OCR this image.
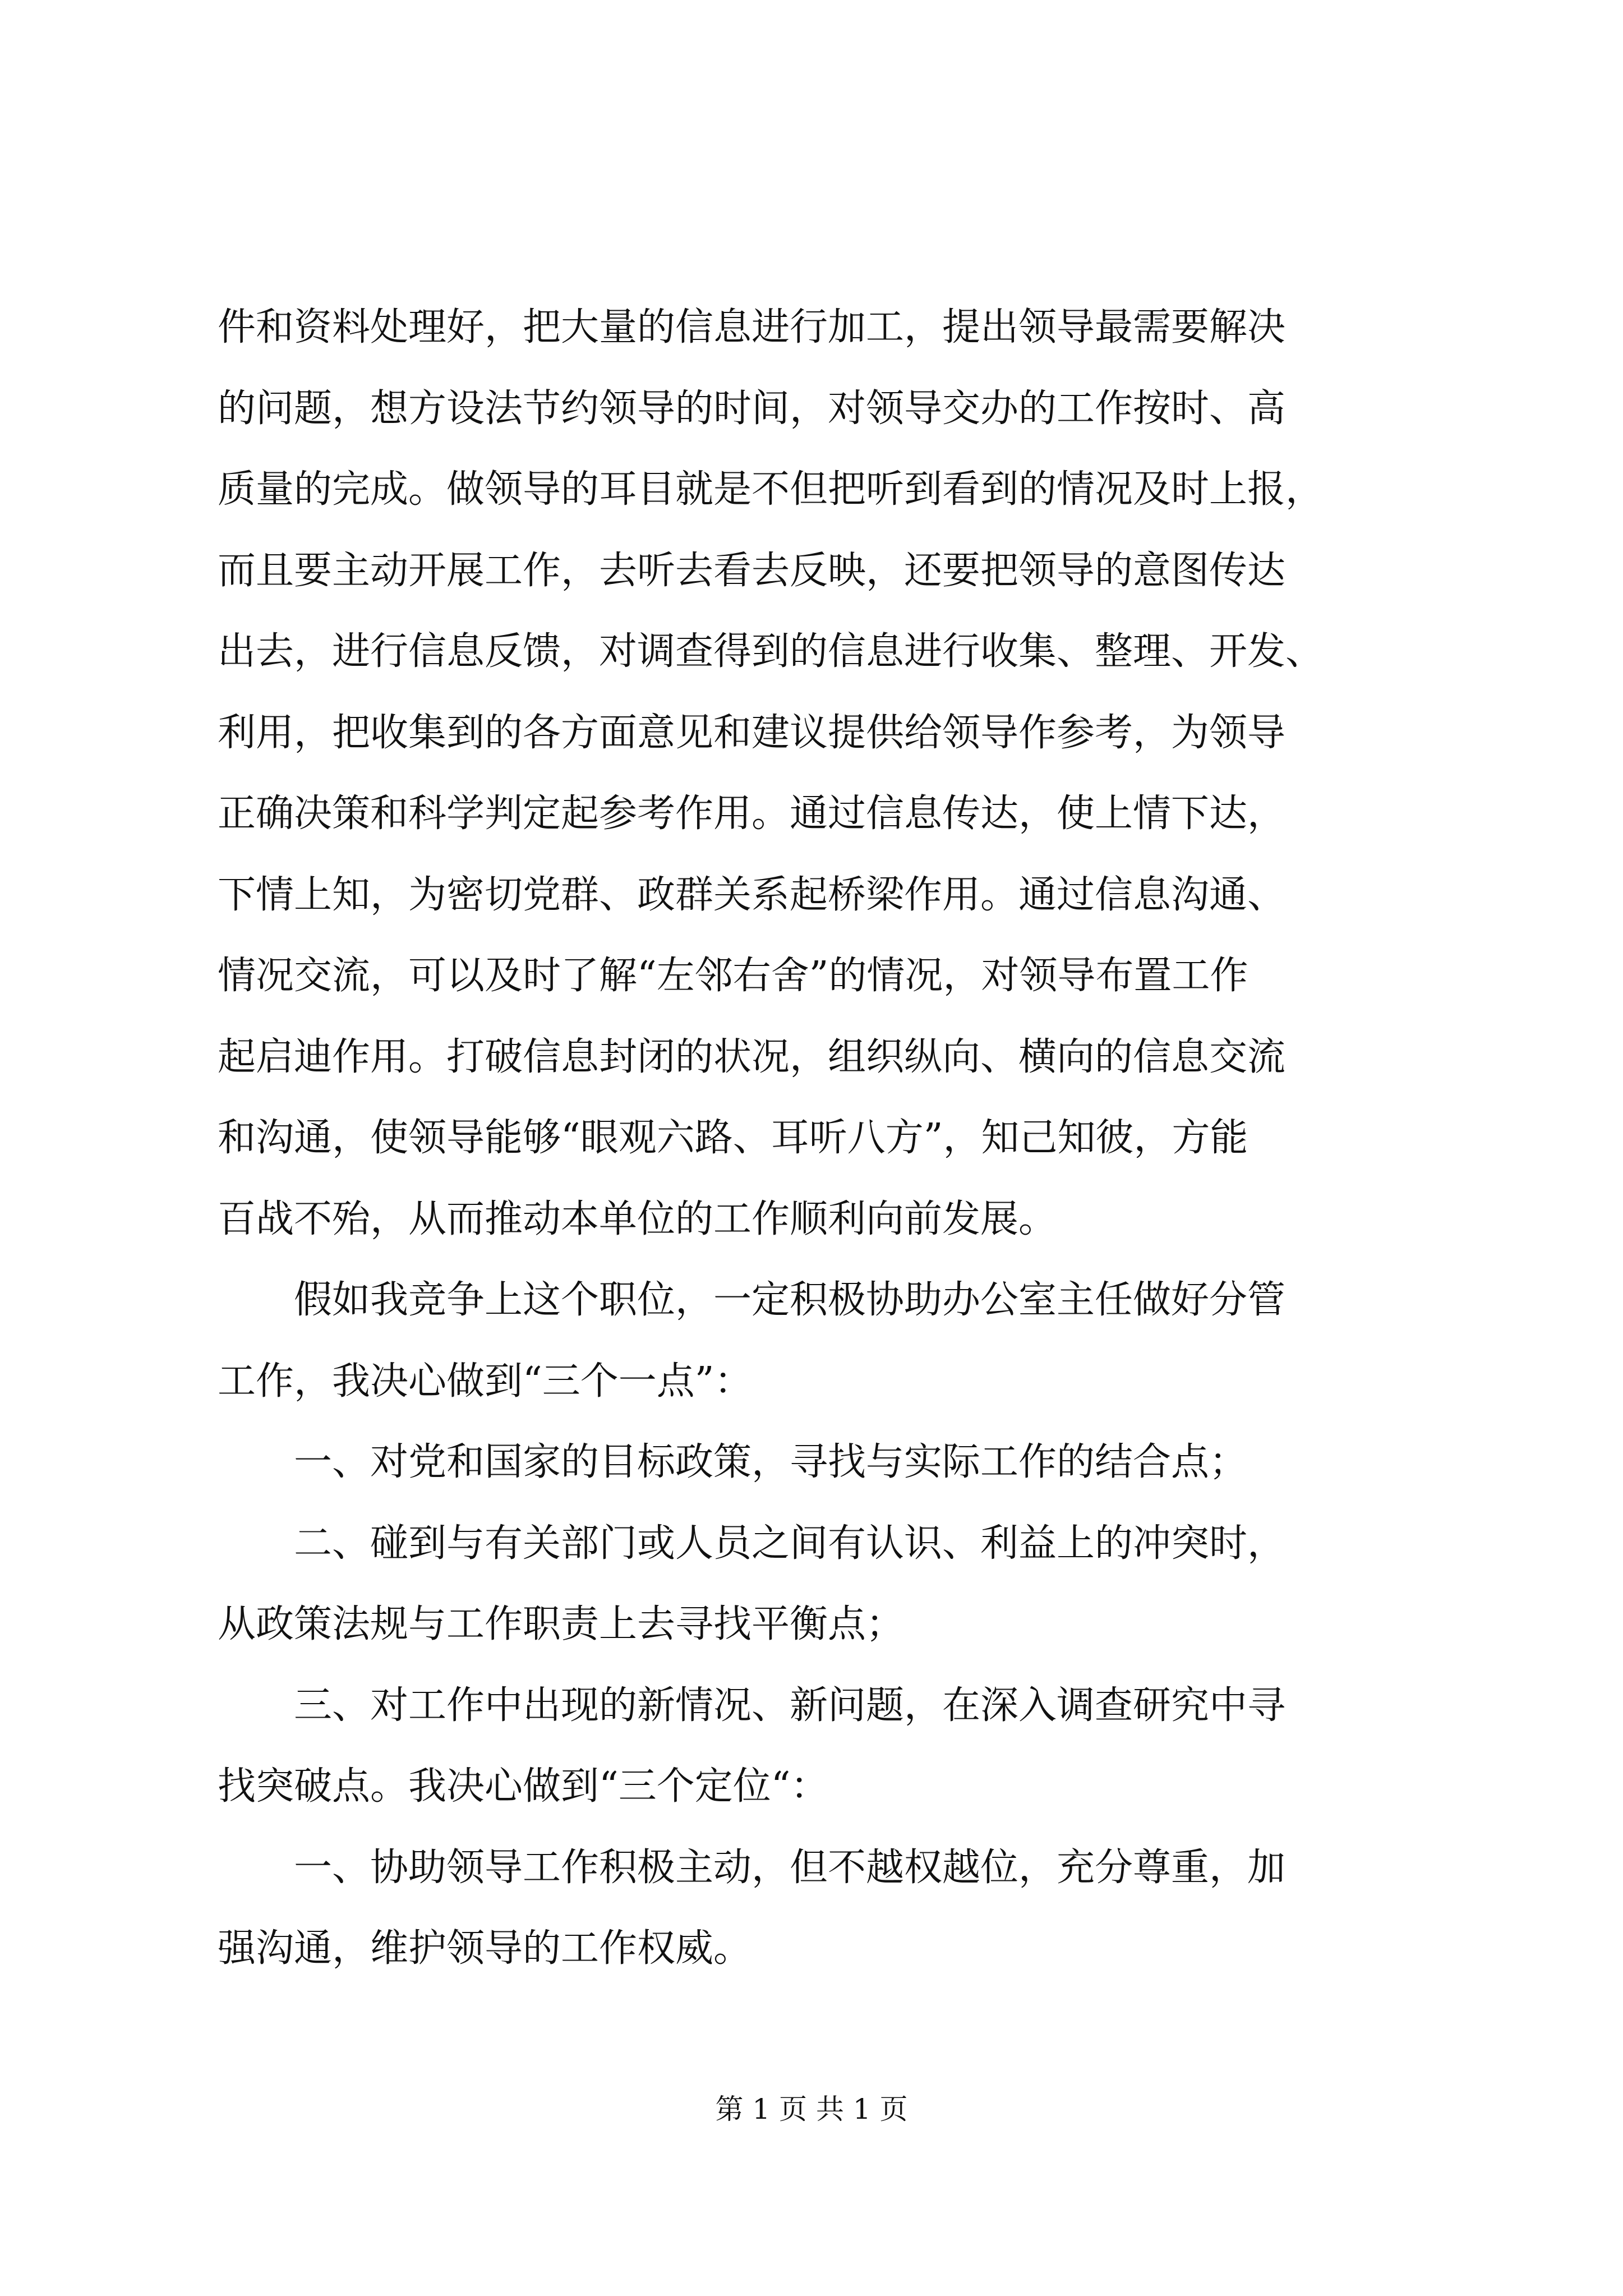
件和资料处理好，把大量的信息进行加工，提出领导最需要解决
的问题，想方设法节约领导的时间，对领导交办的工作按时、高
质量的完成。做领导的耳目就是不但把听到看到的情况及时上报，
而且要主动开展工作，去听去看去反映，还要把领导的意图传达
出去，进行信息反馈，对调查得到的信息进行收集、整理、开发、
利用，把收集到的各方面意见和建议提供给领导作参考，为领导
正确决策和科学判定起参考作用。通过信息传达，使上情下达，
下情上知，为密切党群、政群关系起桥梁作用。通过信息沟通、
情况交流，可以及时了解“左邻右舍”的情况，对领导布置工作
起启迪作用。打破信息封闭的状况，组织纵向、横向的信息交流
和沟通，使领导能够“眼观六路、耳听八方”，知己知彼，方能
百战不殆，从而推动本单位的工作顺利向前发展。
　　假如我竞争上这个职位，一定积极协助办公室主任做好分管
工作，我决心做到“三个一点”：
　　一、对党和国家的目标政策，寻找与实际工作的结合点；
　　二、碰到与有关部门或人员之间有认识、利益上的冲突时，
从政策法规与工作职责上去寻找平衡点；
　　三、对工作中出现的新情况、新问题，在深入调查研究中寻
找突破点。我决心做到“三个定位“：
　　一、协助领导工作积极主动，但不越权越位，充分尊重，加
强沟通，维护领导的工作权威。
第 1 页 共 1 页
